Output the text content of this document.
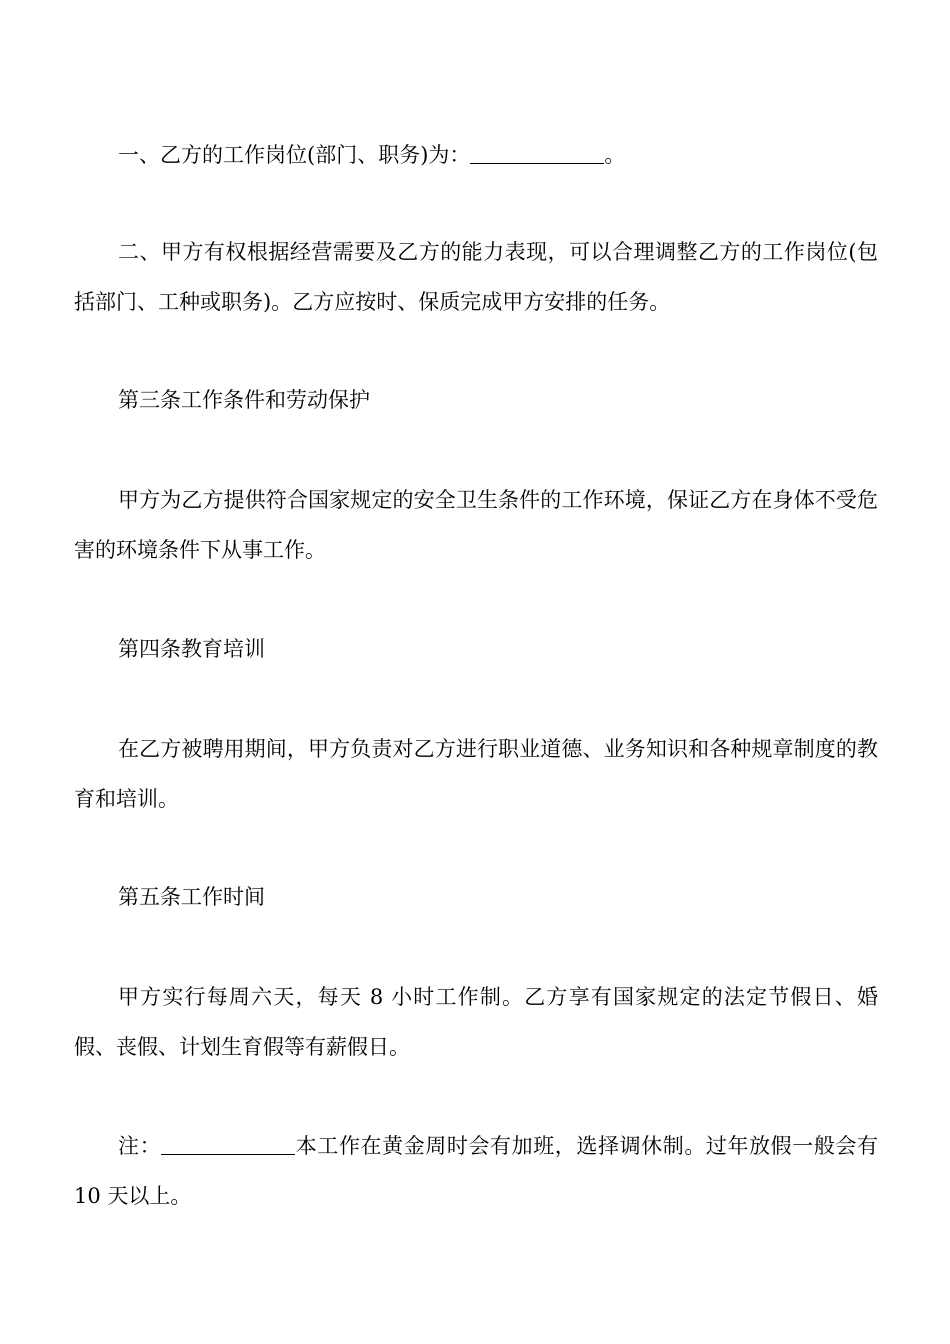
一、乙方的工作岗位(部门、职务)为：	。

二、甲方有权根据经营需要及乙方的能力表现，可以合理调整乙方的工作岗位(包括部门、工种或职务)。乙方应按时、保质完成甲方安排的任务。

第三条工作条件和劳动保护

甲方为乙方提供符合国家规定的安全卫生条件的工作环境，保证乙方在身体不受危害的环境条件下从事工作。

第四条教育培训

在乙方被聘用期间，甲方负责对乙方进行职业道德、业务知识和各种规章制度的教育和培训。

第五条工作时间

甲方实行每周六天，每天 8 小时工作制。乙方享有国家规定的法定节假日、婚假、丧假、计划生育假等有薪假日。

注：	本工作在黄金周时会有加班，选择调休制。过年放假一般会有 10 天以上。
